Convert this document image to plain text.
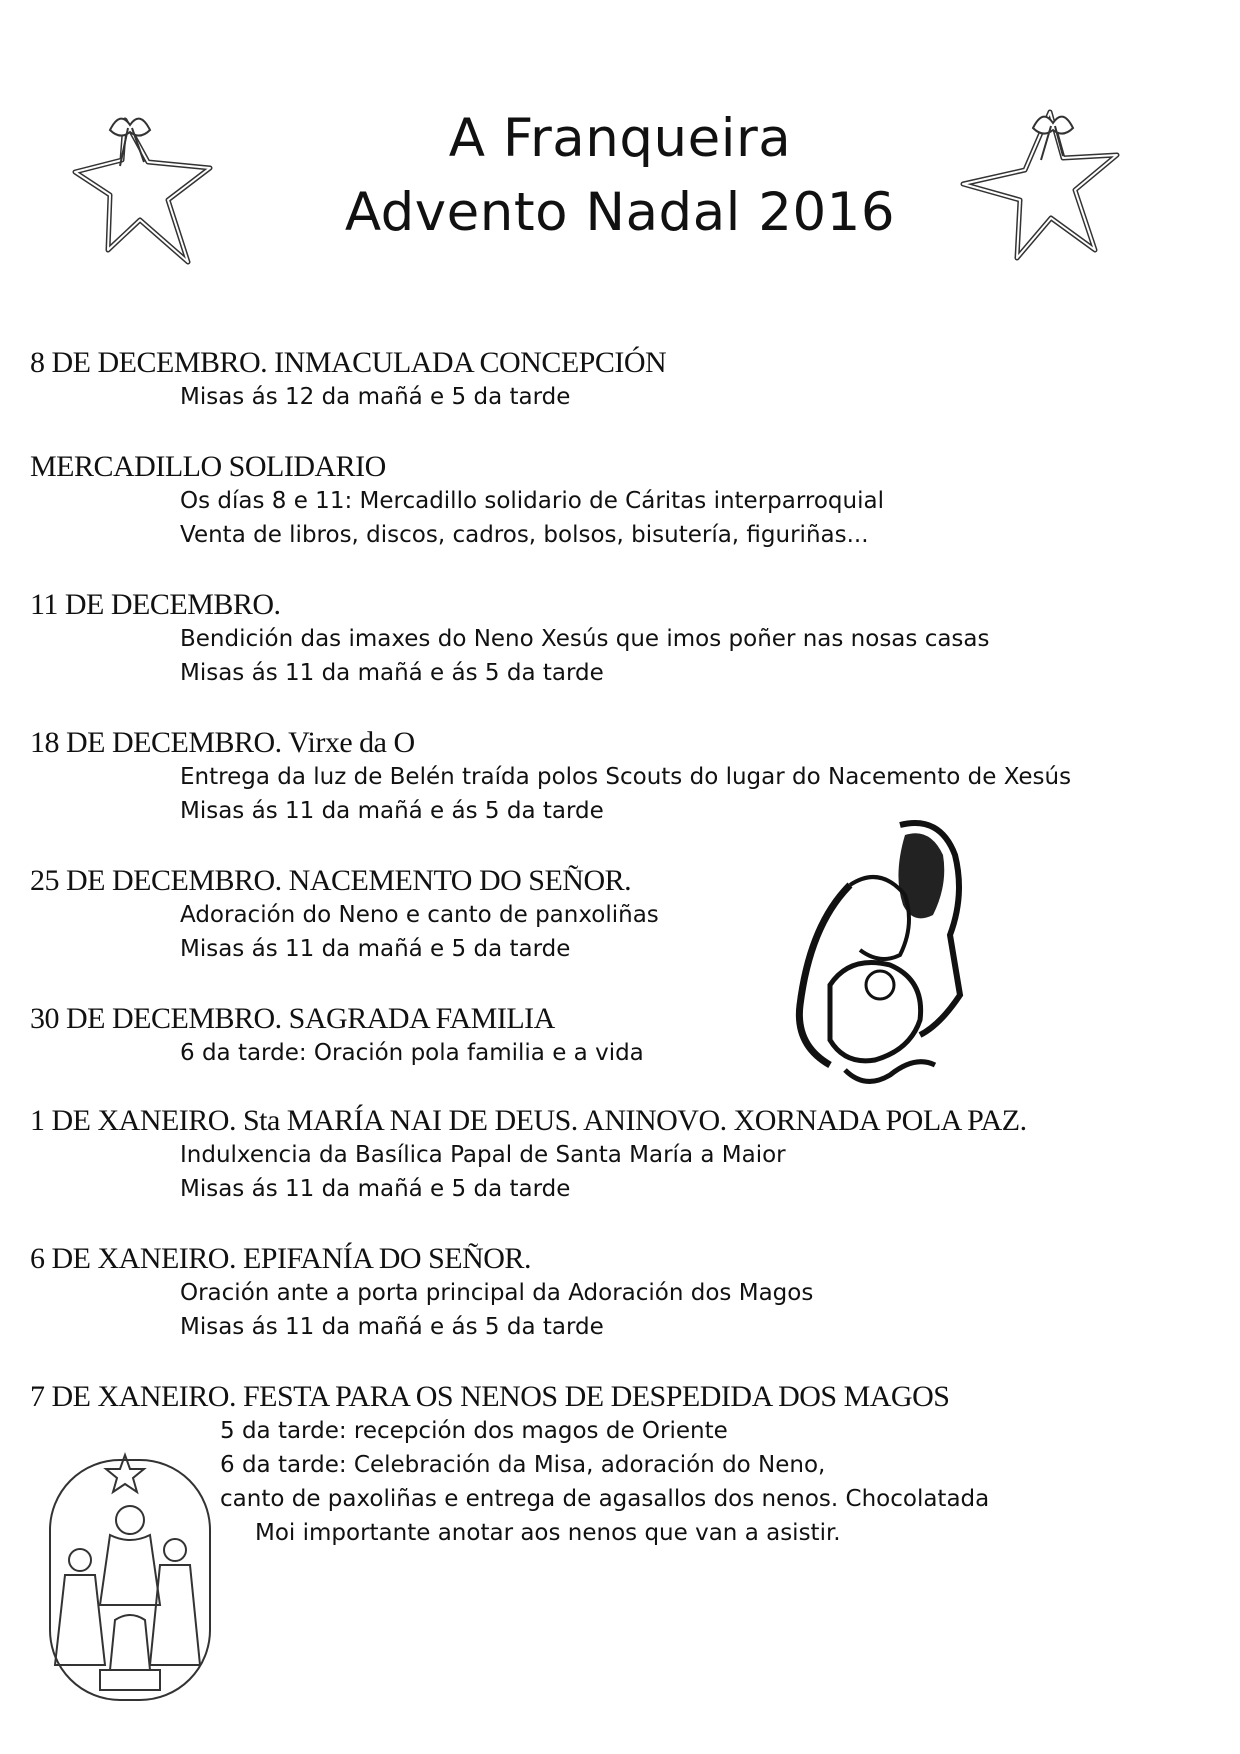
A Franqueira
Advento Nadal 2016
8 DE DECEMBRO. INMACULADA CONCEPCIÓN
Misas ás 12 da mañá e 5 da tarde
MERCADILLO SOLIDARIO
Os días 8 e 11: Mercadillo solidario de Cáritas interparroquial
Venta de libros, discos, cadros, bolsos, bisutería, figuriñas...
11 DE DECEMBRO.
Bendición das imaxes do Neno Xesús que imos poñer nas nosas casas
Misas ás 11 da mañá e ás 5 da tarde
18 DE DECEMBRO. Virxe da O
Entrega da luz de Belén traída polos Scouts do lugar do Nacemento de Xesús
Misas ás 11 da mañá e ás 5 da tarde
25 DE DECEMBRO. NACEMENTO DO SEÑOR.
Adoración do Neno e canto de panxoliñas
Misas ás 11 da mañá e 5 da tarde
30 DE DECEMBRO. SAGRADA FAMILIA
6 da tarde: Oración pola familia e a vida
1 DE XANEIRO. Sta MARÍA NAI DE DEUS. ANINOVO. XORNADA POLA PAZ.
Indulxencia da Basílica Papal de Santa María a Maior
Misas ás 11 da mañá e 5 da tarde
6 DE XANEIRO. EPIFANÍA DO SEÑOR.
Oración ante a porta principal da Adoración dos Magos
Misas ás 11 da mañá e ás 5 da tarde
7 DE XANEIRO. FESTA PARA OS NENOS DE DESPEDIDA DOS MAGOS
5 da tarde: recepción dos magos de Oriente
6 da tarde: Celebración da Misa, adoración do Neno,
canto de paxoliñas e entrega de agasallos dos nenos. Chocolatada
Moi importante anotar aos nenos que van a asistir.
